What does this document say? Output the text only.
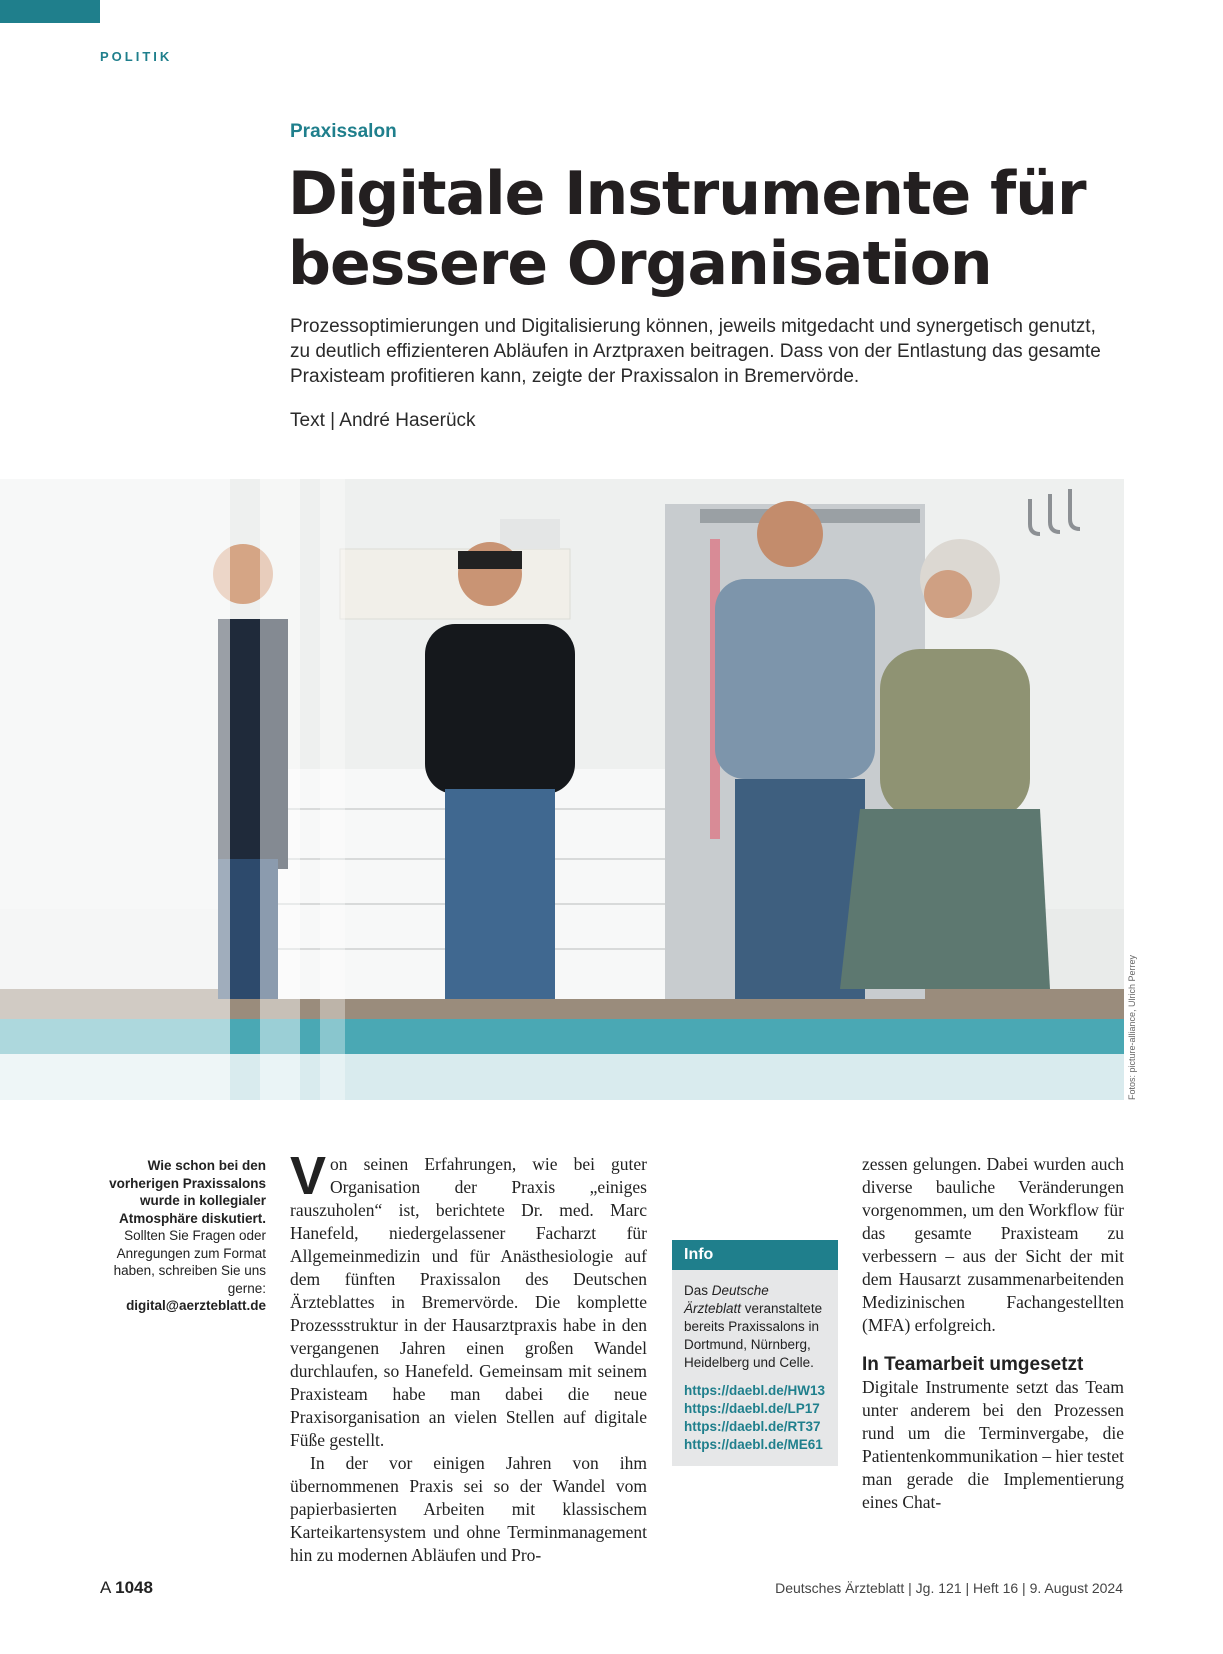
POLITIK
Praxissalon
Digitale Instrumente für
bessere Organisation

Prozessoptimierungen und Digitalisierung können, jeweils mitgedacht und synergetisch genutzt, zu deutlich effizienteren Abläufen in Arztpraxen beitragen. Dass von der Entlastung das gesamte Praxisteam profitieren kann, zeigte der Praxissalon in Bremervörde.

Text | André Haserück
Fotos: picture-alliance, Ulrich Perrey
Wie schon bei den vorherigen Praxissalons wurde in kollegialer Atmosphäre diskutiert. Sollten Sie Fragen oder Anregungen zum Format haben, schreiben Sie uns gerne:
digital@aerzteblatt.de

Von seinen Erfahrungen, wie bei guter Organisation der Praxis „einiges rauszuholen“ ist, berichtete Dr. med. Marc Hanefeld, niedergelassener Facharzt für Allgemeinmedizin und für Anästhesiologie auf dem fünften Praxissalon des Deutschen Ärzteblattes in Bremervörde. Die komplette Prozessstruktur in der Hausarztpraxis habe in den vergangenen Jahren einen großen Wandel durchlaufen, so Hanefeld. Gemeinsam mit seinem Praxisteam habe man dabei die neue Praxisorganisation an vielen Stellen auf digitale Füße gestellt.

In der vor einigen Jahren von ihm übernommenen Praxis sei so der Wandel vom papierbasierten Arbeiten mit klassischem Karteikartensystem und ohne Terminmanagement hin zu modernen Abläufen und Pro-

Info
Das Deutsche Ärzteblatt veranstaltete bereits Praxissalons in Dortmund, Nürnberg, Heidelberg und Celle.
https://daebl.de/HW13
https://daebl.de/LP17
https://daebl.de/RT37
https://daebl.de/ME61

zessen gelungen. Dabei wurden auch diverse bauliche Veränderungen vorgenommen, um den Workflow für das gesamte Praxisteam zu verbessern – aus der Sicht der mit dem Hausarzt zusammenarbeitenden Medizinischen Fachangestellten (MFA) erfolgreich.

In Teamarbeit umgesetzt

Digitale Instrumente setzt das Team unter anderem bei den Prozessen rund um die Terminvergabe, die Patientenkommunikation – hier testet man gerade die Implementierung eines Chat-

A 1048	Deutsches Ärzteblatt | Jg. 121 | Heft 16 | 9. August 2024
